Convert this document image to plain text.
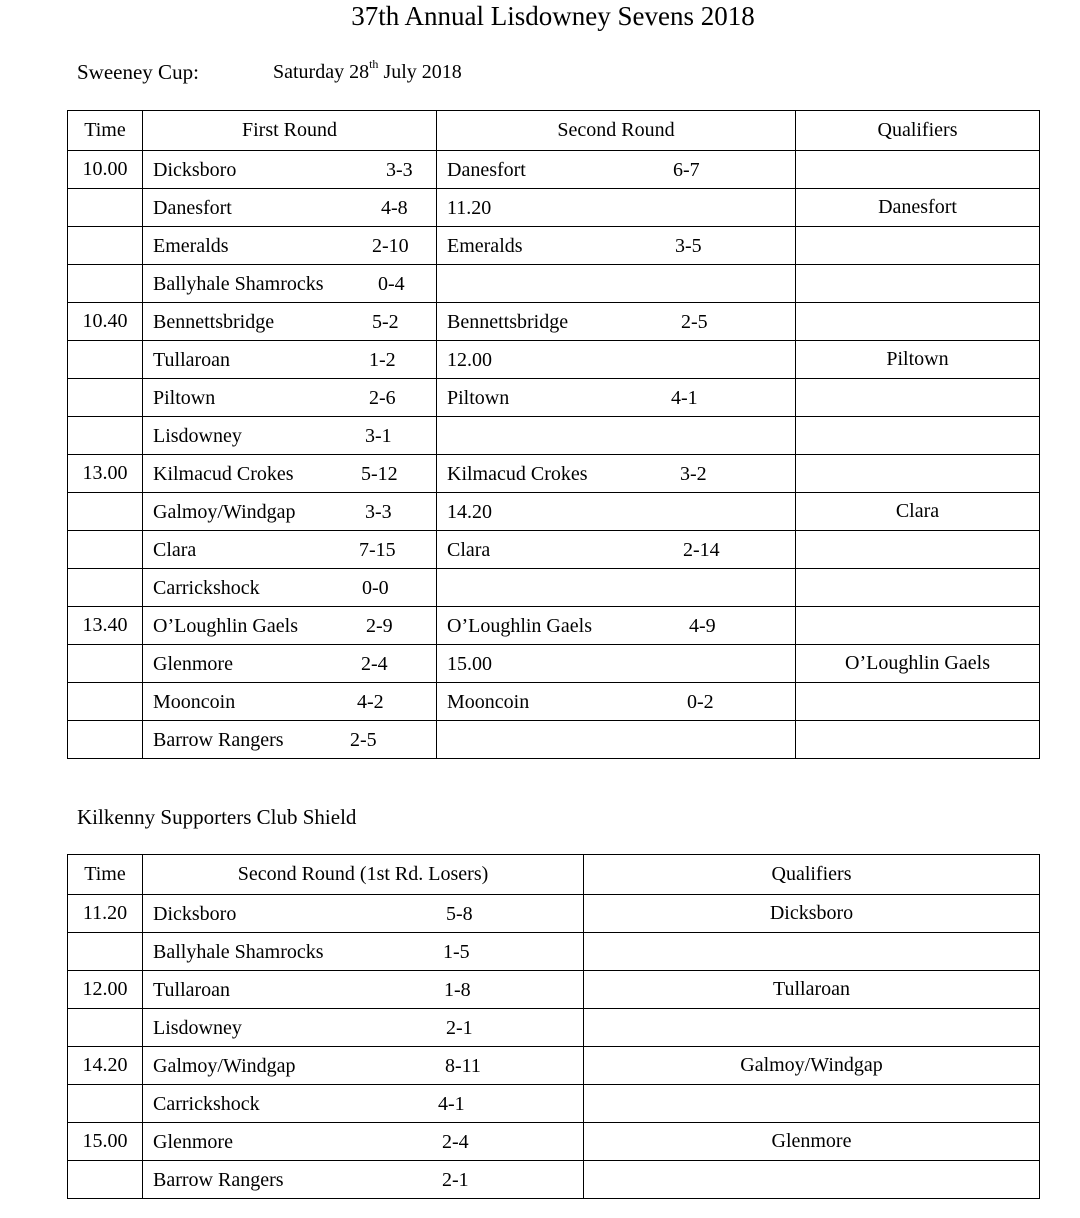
37th Annual Lisdowney Sevens 2018
Sweeney Cup:	Saturday 28th July 2018
Time	First Round	Second Round	Qualifiers
10.00	Dicksboro 3-3	Danesfort 6-7	

	Danesfort 4-8	11.20	Danesfort

	Emeralds 2-10	Emeralds 3-5	

	Ballyhale Shamrocks 0-4		

10.40	Bennettsbridge 5-2	Bennettsbridge 2-5	

	Tullaroan 1-2	12.00	Piltown

	Piltown 2-6	Piltown 4-1	

	Lisdowney 3-1		

13.00	Kilmacud Crokes 5-12	Kilmacud Crokes 3-2	

	Galmoy/Windgap 3-3	14.20	Clara

	Clara 7-15	Clara 2-14	

	Carrickshock 0-0		

13.40	O’Loughlin Gaels 2-9	O’Loughlin Gaels 4-9	

	Glenmore 2-4	15.00	O’Loughlin Gaels

	Mooncoin 4-2	Mooncoin 0-2	

	Barrow Rangers 2-5		

Kilkenny Supporters Club Shield
Time	Second Round (1st Rd. Losers)	Qualifiers
11.20	Dicksboro 5-8	Dicksboro

	Ballyhale Shamrocks 1-5	

12.00	Tullaroan 1-8	Tullaroan

	Lisdowney 2-1	

14.20	Galmoy/Windgap 8-11	Galmoy/Windgap

	Carrickshock 4-1	

15.00	Glenmore 2-4	Glenmore

	Barrow Rangers 2-1	
